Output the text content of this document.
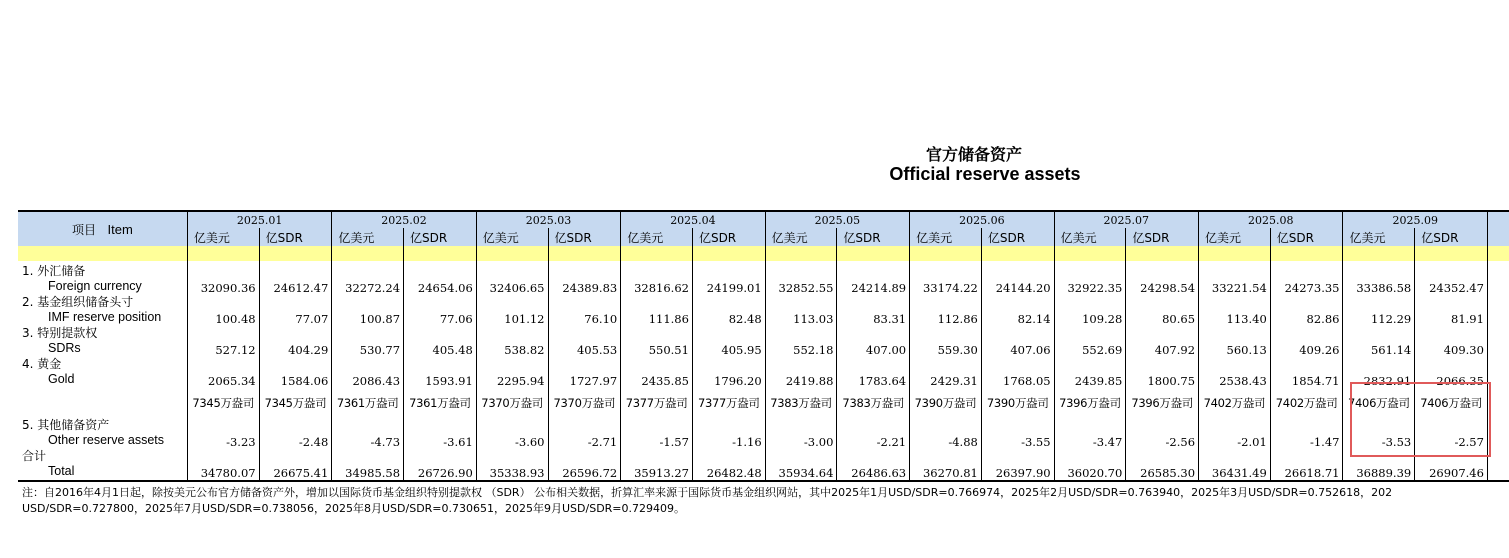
官方储备资产
Official reserve assets
项目 Item	2025.01		2025.02		2025.03		2025.04		2025.05		2025.06		2025.07		2025.08		2025.09		
	亿美元	亿SDR	亿美元	亿SDR	亿美元	亿SDR	亿美元	亿SDR	亿美元	亿SDR	亿美元	亿SDR	亿美元	亿SDR	亿美元	亿SDR	亿美元	亿SDR	

1. 外汇储备
Foreign currency	32090.36	24612.47	32272.24	24654.06	32406.65	24389.83	32816.62	24199.01	32852.55	24214.89	33174.22	24144.20	32922.35	24298.54	33221.54	24273.35	33386.58	24352.47	

2. 基金组织储备头寸
IMF reserve position	100.48	77.07	100.87	77.06	101.12	76.10	111.86	82.48	113.03	83.31	112.86	82.14	109.28	80.65	113.40	82.86	112.29	81.91	

3. 特别提款权
SDRs	527.12	404.29	530.77	405.48	538.82	405.53	550.51	405.95	552.18	407.00	559.30	407.06	552.69	407.92	560.13	409.26	561.14	409.30	

4. 黄金
Gold	2065.34	1584.06	2086.43	1593.91	2295.94	1727.97	2435.85	1796.20	2419.88	1783.64	2429.31	1768.05	2439.85	1800.75	2538.43	1854.71	2832.91	2066.35	
	7345万盎司	7345万盎司	7361万盎司	7361万盎司	7370万盎司	7370万盎司	7377万盎司	7377万盎司	7383万盎司	7383万盎司	7390万盎司	7390万盎司	7396万盎司	7396万盎司	7402万盎司	7402万盎司	7406万盎司	7406万盎司	

5. 其他储备资产
Other reserve assets	-3.23	-2.48	-4.73	-3.61	-3.60	-2.71	-1.57	-1.16	-3.00	-2.21	-4.88	-3.55	-3.47	-2.56	-2.01	-1.47	-3.53	-2.57	

合计
Total	34780.07	26675.41	34985.58	26726.90	35338.93	26596.72	35913.27	26482.48	35934.64	26486.63	36270.81	26397.90	36020.70	26585.30	36431.49	26618.71	36889.39	26907.46	
注：自2016年4月1日起，除按美元公布官方储备资产外，增加以国际货币基金组织特别提款权 （SDR） 公布相关数据，折算汇率来源于国际货币基金组织网站，其中2025年1月USD/SDR=0.766974，2025年2月USD/SDR=0.763940，2025年3月USD/SDR=0.752618，202
USD/SDR=0.727800，2025年7月USD/SDR=0.738056，2025年8月USD/SDR=0.730651，2025年9月USD/SDR=0.729409。
